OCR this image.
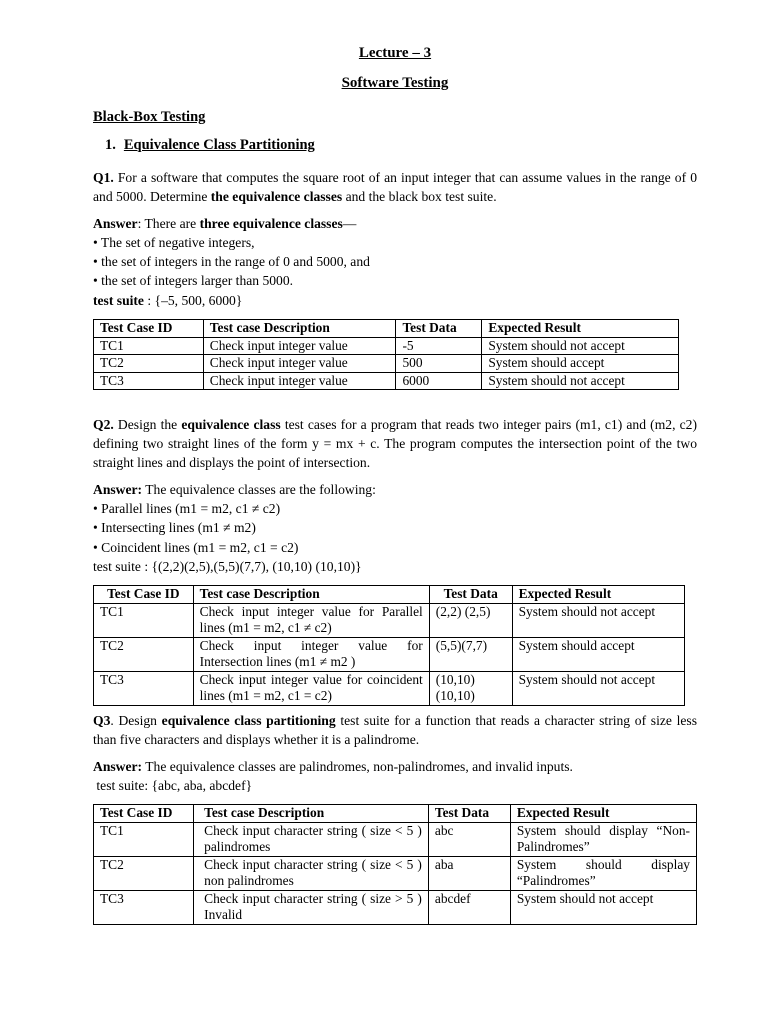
Lecture – 3
Software Testing
Black-Box Testing
1. Equivalence Class Partitioning
Q1. For a software that computes the square root of an input integer that can assume values in the range of 0 and 5000. Determine the equivalence classes and the black box test suite.
Answer: There are three equivalence classes—
• The set of negative integers,
• the set of integers in the range of 0 and 5000, and
• the set of integers larger than 5000.
test suite : {–5, 500, 6000}
Test Case ID	Test case Description	Test Data	Expected Result
TC1	Check input integer value	-5	System should not accept
TC2	Check input integer value	500	System should accept
TC3	Check input integer value	6000	System should not accept
Q2. Design the equivalence class test cases for a program that reads two integer pairs (m1, c1) and (m2, c2) defining two straight lines of the form y = mx + c. The program computes the intersection point of the two straight lines and displays the point of intersection.
Answer: The equivalence classes are the following:
• Parallel lines (m1 = m2, c1 ≠ c2)
• Intersecting lines (m1 ≠ m2)
• Coincident lines (m1 = m2, c1 = c2)
test suite : {(2,2)(2,5),(5,5)(7,7), (10,10) (10,10)}
Test Case ID	Test case Description	Test Data	Expected Result
TC1	Check input integer value for Parallel lines (m1 = m2, c1 ≠ c2)	(2,2) (2,5)	System should not accept
TC2	Check input integer value for Intersection lines (m1 ≠ m2 )	(5,5)(7,7)	System should accept
TC3	Check input integer value for coincident lines (m1 = m2, c1 = c2)	(10,10) (10,10)	System should not accept
Q3. Design equivalence class partitioning test suite for a function that reads a character string of size less than five characters and displays whether it is a palindrome.
Answer: The equivalence classes are palindromes, non-palindromes, and invalid inputs.
test suite: {abc, aba, abcdef}
Test Case ID	Test case Description	Test Data	Expected Result
TC1	Check input character string ( size < 5 ) palindromes	abc	System should display “Non-Palindromes”
TC2	Check input character string ( size < 5 ) non palindromes	aba	System should display “Palindromes”
TC3	Check input character string ( size > 5 ) Invalid	abcdef	System should not accept
